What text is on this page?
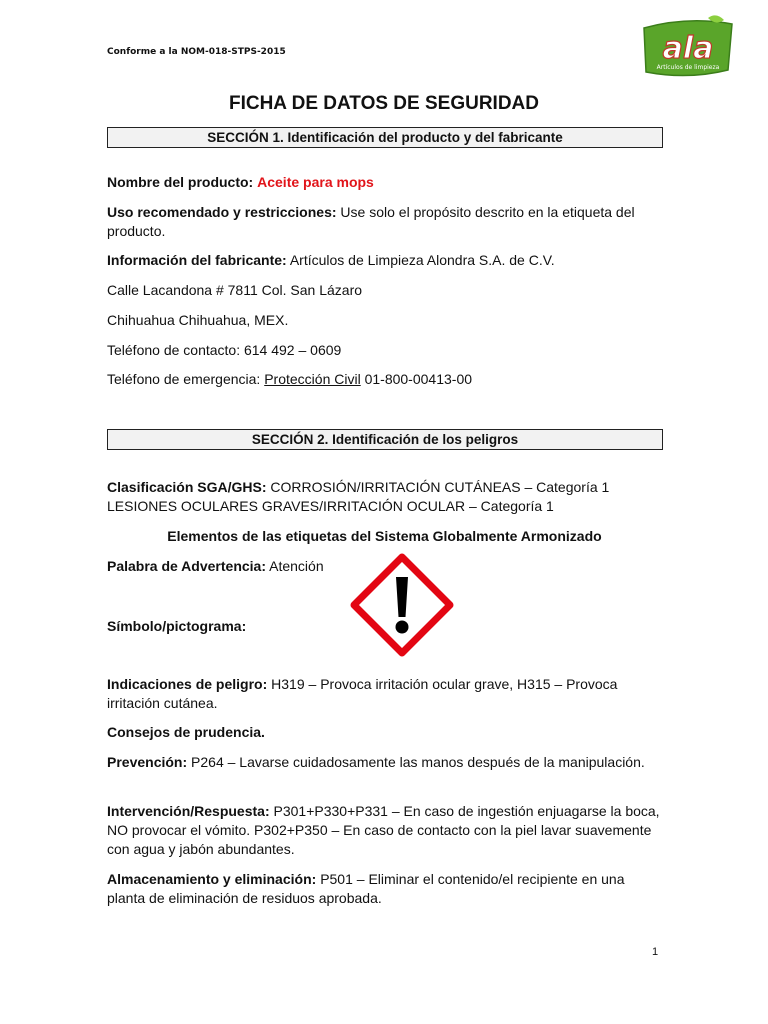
Conforme a la NOM-018-STPS-2015	ala
Artículos de limpieza
FICHA DE DATOS DE SEGURIDAD
SECCIÓN 1. Identificación del producto y del fabricante
Nombre del producto: Aceite para mops
Uso recomendado y restricciones: Use solo el propósito descrito en la etiqueta del producto.
Información del fabricante: Artículos de Limpieza Alondra S.A. de C.V.
Calle Lacandona # 7811 Col. San Lázaro
Chihuahua Chihuahua, MEX.
Teléfono de contacto: 614 492 – 0609
Teléfono de emergencia: Protección Civil 01-800-00413-00
SECCIÓN 2. Identificación de los peligros
Clasificación SGA/GHS: CORROSIÓN/IRRITACIÓN CUTÁNEAS – Categoría 1
LESIONES OCULARES GRAVES/IRRITACIÓN OCULAR – Categoría 1
Elementos de las etiquetas del Sistema Globalmente Armonizado
Palabra de Advertencia: Atención
Símbolo/pictograma:
Indicaciones de peligro: H319 – Provoca irritación ocular grave, H315 – Provoca irritación cutánea.
Consejos de prudencia.
Prevención: P264 – Lavarse cuidadosamente las manos después de la manipulación.
Intervención/Respuesta: P301+P330+P331 – En caso de ingestión enjuagarse la boca, NO provocar el vómito. P302+P350 – En caso de contacto con la piel lavar suavemente con agua y jabón abundantes.
Almacenamiento y eliminación: P501 – Eliminar el contenido/el recipiente en una planta de eliminación de residuos aprobada.
1
